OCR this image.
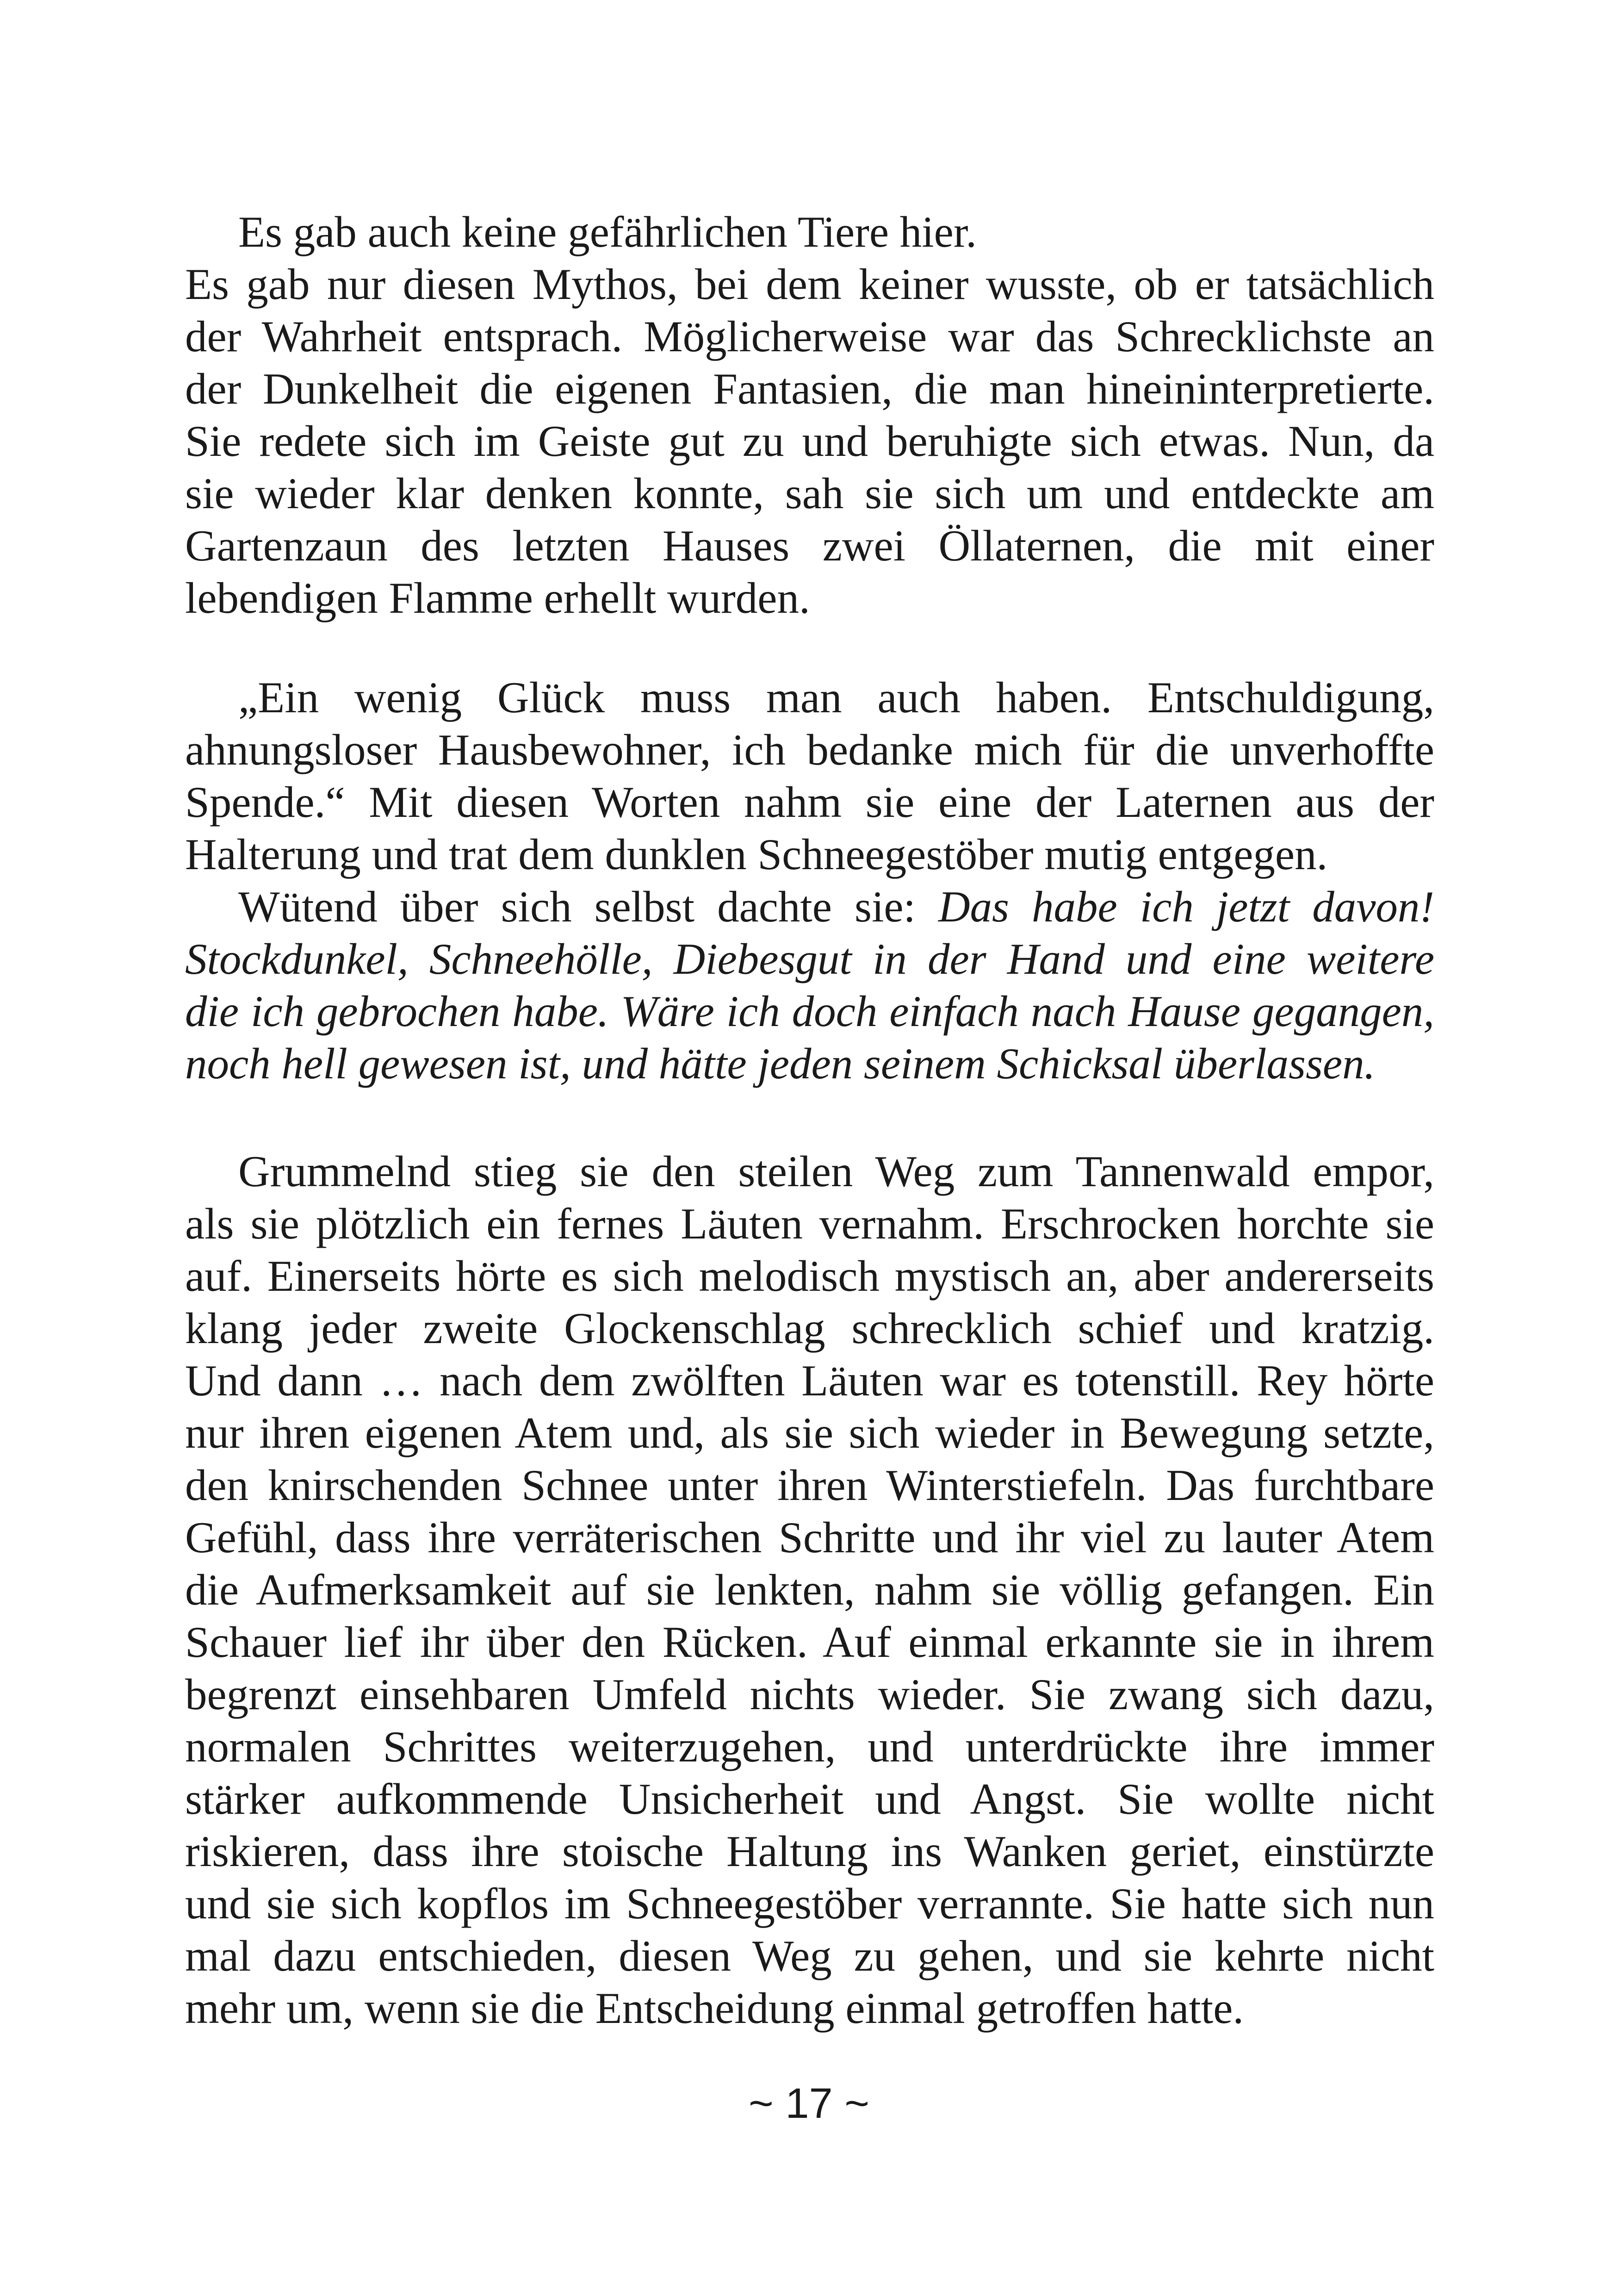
Es gab auch keine gefährlichen Tiere hier.
Es gab nur diesen Mythos, bei dem keiner wusste, ob er tatsächlich
der Wahrheit entsprach. Möglicherweise war das Schrecklichste an
der Dunkelheit die eigenen Fantasien, die man hineininterpretierte.
Sie redete sich im Geiste gut zu und beruhigte sich etwas. Nun, da
sie wieder klar denken konnte, sah sie sich um und entdeckte am
Gartenzaun des letzten Hauses zwei Öllaternen, die mit einer
lebendigen Flamme erhellt wurden.
„Ein wenig Glück muss man auch haben. Entschuldigung,
ahnungsloser Hausbewohner, ich bedanke mich für die unverhoffte
Spende.“ Mit diesen Worten nahm sie eine der Laternen aus der
Halterung und trat dem dunklen Schneegestöber mutig entgegen.
Wütend über sich selbst dachte sie: Das habe ich jetzt davon!
Stockdunkel, Schneehölle, Diebesgut in der Hand und eine weitere
die ich gebrochen habe. Wäre ich doch einfach nach Hause gegangen,
noch hell gewesen ist, und hätte jeden seinem Schicksal überlassen.
Grummelnd stieg sie den steilen Weg zum Tannenwald empor,
als sie plötzlich ein fernes Läuten vernahm. Erschrocken horchte sie
auf. Einerseits hörte es sich melodisch mystisch an, aber andererseits
klang jeder zweite Glockenschlag schrecklich schief und kratzig.
Und dann … nach dem zwölften Läuten war es totenstill. Rey hörte
nur ihren eigenen Atem und, als sie sich wieder in Bewegung setzte,
den knirschenden Schnee unter ihren Winterstiefeln. Das furchtbare
Gefühl, dass ihre verräterischen Schritte und ihr viel zu lauter Atem
die Aufmerksamkeit auf sie lenkten, nahm sie völlig gefangen. Ein
Schauer lief ihr über den Rücken. Auf einmal erkannte sie in ihrem
begrenzt einsehbaren Umfeld nichts wieder. Sie zwang sich dazu,
normalen Schrittes weiterzugehen, und unterdrückte ihre immer
stärker aufkommende Unsicherheit und Angst. Sie wollte nicht
riskieren, dass ihre stoische Haltung ins Wanken geriet, einstürzte
und sie sich kopflos im Schneegestöber verrannte. Sie hatte sich nun
mal dazu entschieden, diesen Weg zu gehen, und sie kehrte nicht
mehr um, wenn sie die Entscheidung einmal getroffen hatte.
~ 17 ~
